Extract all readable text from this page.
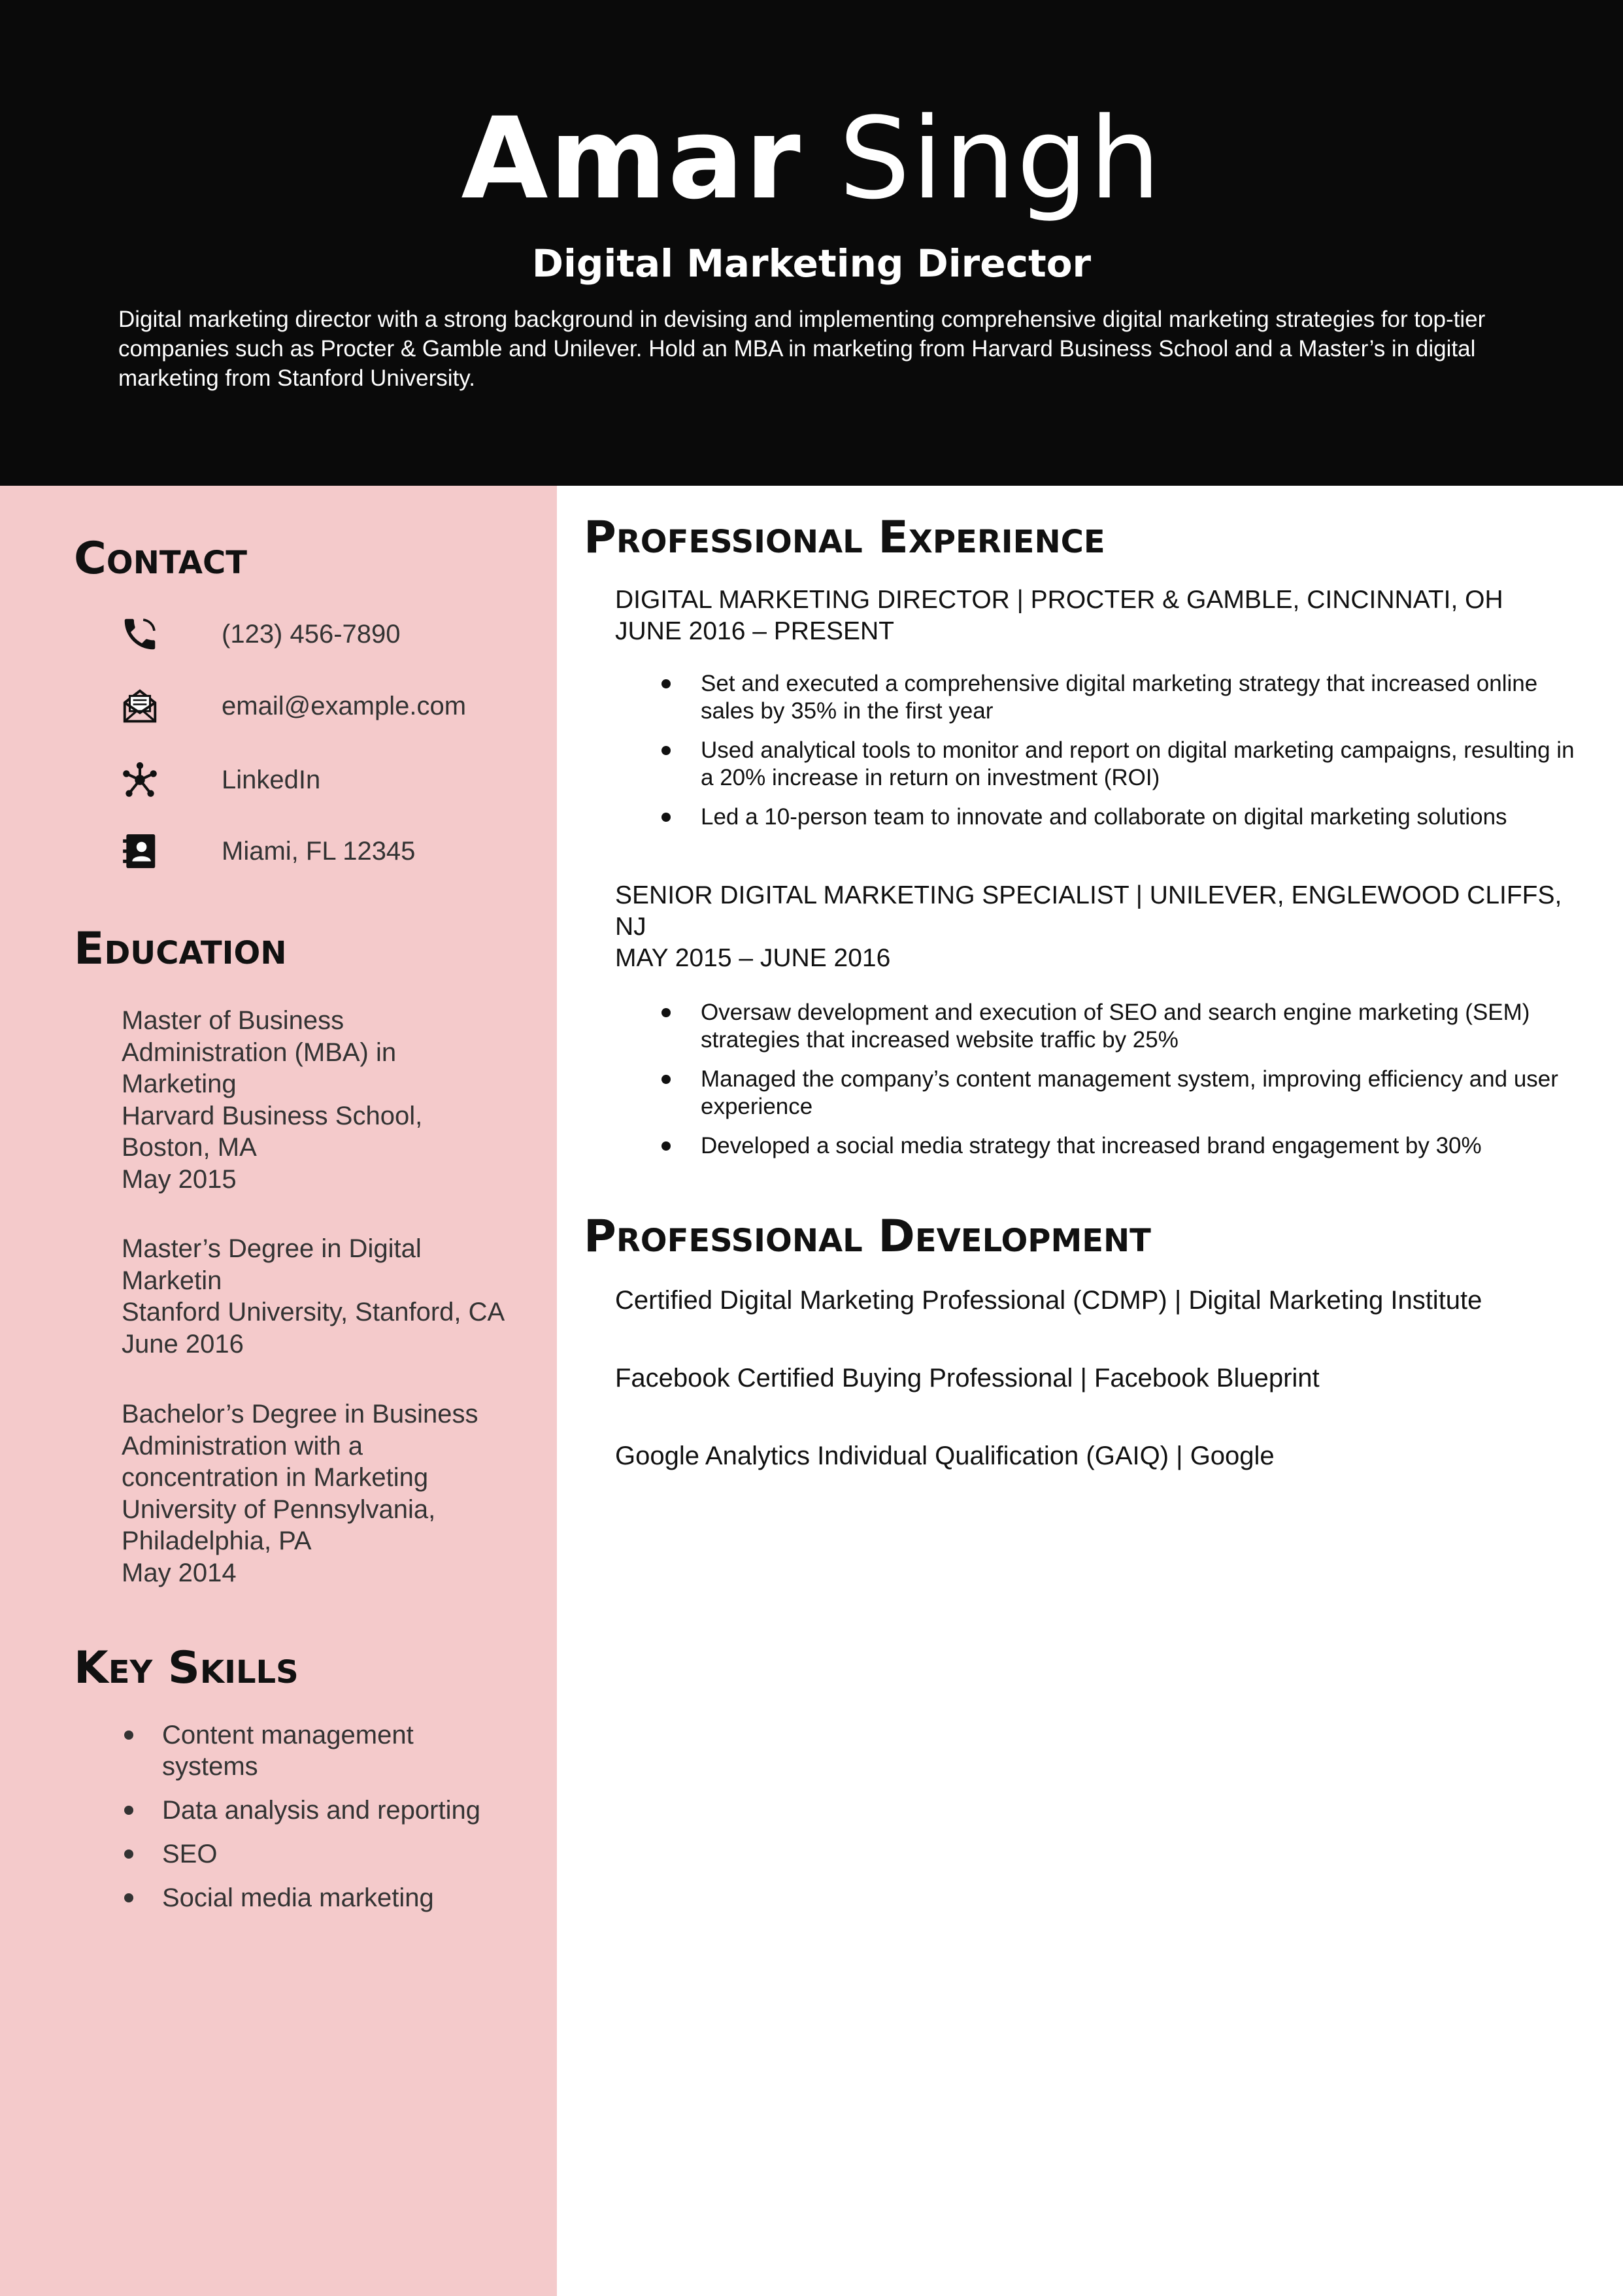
Amar Singh
Digital Marketing Director
Digital marketing director with a strong background in devising and implementing comprehensive digital marketing strategies for top-tier companies such as Procter & Gamble and Unilever. Hold an MBA in marketing from Harvard Business School and a Master’s in digital marketing from Stanford University.
Contact
(123) 456-7890
email@example.com
LinkedIn
Miami, FL 12345
Education
Master of Business
Administration (MBA) in
Marketing
Harvard Business School,
Boston, MA
May 2015
Master’s Degree in Digital
Marketin
Stanford University, Stanford, CA
June 2016
Bachelor’s Degree in Business
Administration with a
concentration in Marketing
University of Pennsylvania,
Philadelphia, PA
May 2014
Key Skills
Content management systems
Data analysis and reporting
SEO
Social media marketing
Professional Experience
DIGITAL MARKETING DIRECTOR | PROCTER & GAMBLE, CINCINNATI, OH
JUNE 2016 – PRESENT
Set and executed a comprehensive digital marketing strategy that increased online sales by 35% in the first year
Used analytical tools to monitor and report on digital marketing campaigns, resulting in a 20% increase in return on investment (ROI)
Led a 10-person team to innovate and collaborate on digital marketing solutions
SENIOR DIGITAL MARKETING SPECIALIST | UNILEVER, ENGLEWOOD CLIFFS,
NJ
MAY 2015 – JUNE 2016
Oversaw development and execution of SEO and search engine marketing (SEM) strategies that increased website traffic by 25%
Managed the company’s content management system, improving efficiency and user experience
Developed a social media strategy that increased brand engagement by 30%
Professional Development
Certified Digital Marketing Professional (CDMP) | Digital Marketing Institute
Facebook Certified Buying Professional | Facebook Blueprint
Google Analytics Individual Qualification (GAIQ) | Google
